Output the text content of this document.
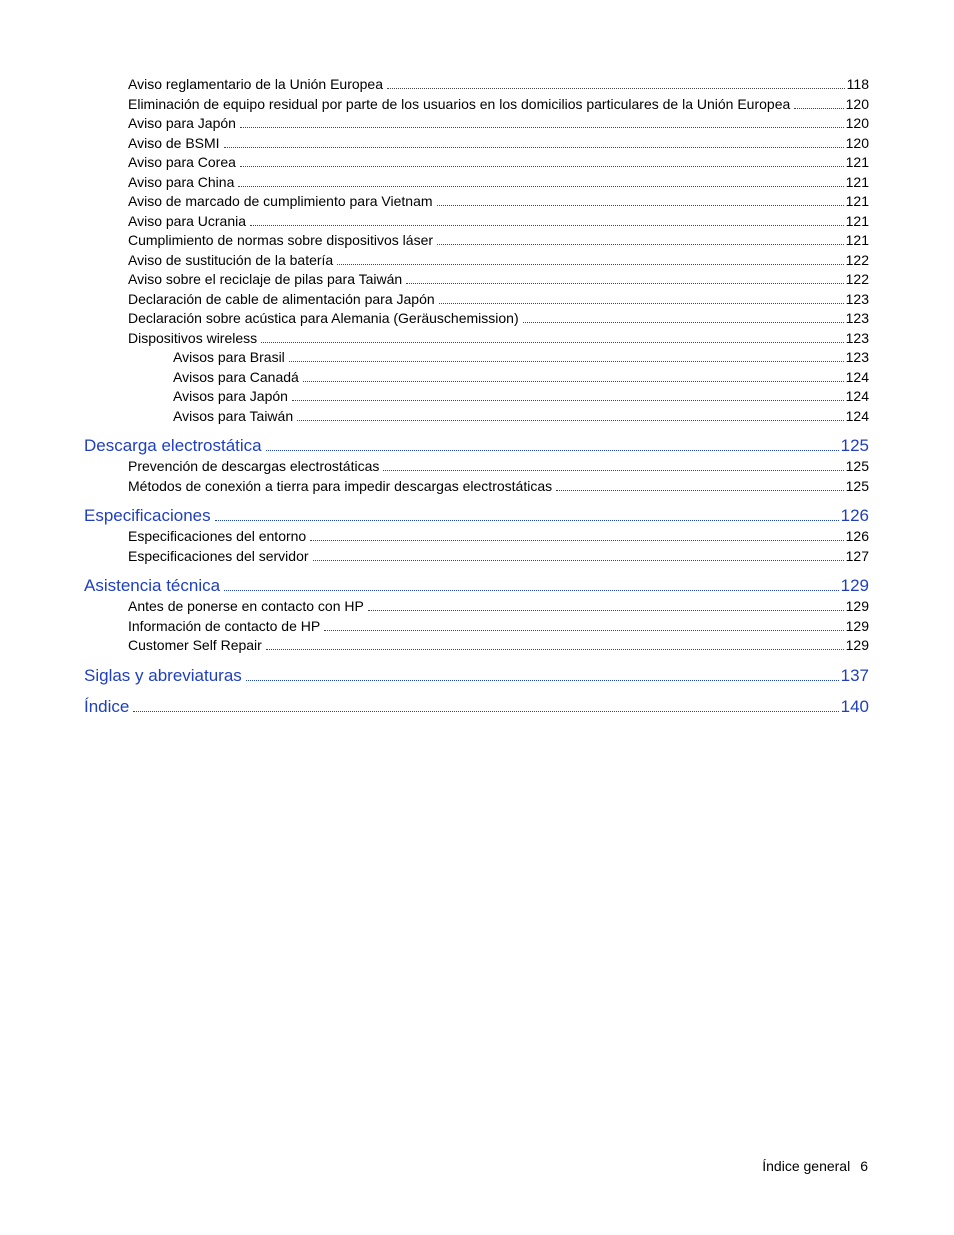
Aviso reglamentario de la Unión Europea	118
Eliminación de equipo residual por parte de los usuarios en los domicilios particulares de la Unión Europea	120
Aviso para Japón	120
Aviso de BSMI	120
Aviso para Corea	121
Aviso para China	121
Aviso de marcado de cumplimiento para Vietnam	121
Aviso para Ucrania	121
Cumplimiento de normas sobre dispositivos láser	121
Aviso de sustitución de la batería	122
Aviso sobre el reciclaje de pilas para Taiwán	122
Declaración de cable de alimentación para Japón	123
Declaración sobre acústica para Alemania (Geräuschemission)	123
Dispositivos wireless	123
Avisos para Brasil	123
Avisos para Canadá	124
Avisos para Japón	124
Avisos para Taiwán	124
Descarga electrostática	125
Prevención de descargas electrostáticas	125
Métodos de conexión a tierra para impedir descargas electrostáticas	125
Especificaciones	126
Especificaciones del entorno	126
Especificaciones del servidor	127
Asistencia técnica	129
Antes de ponerse en contacto con HP	129
Información de contacto de HP	129
Customer Self Repair	129
Siglas y abreviaturas	137
Índice	140
Índice general 6
